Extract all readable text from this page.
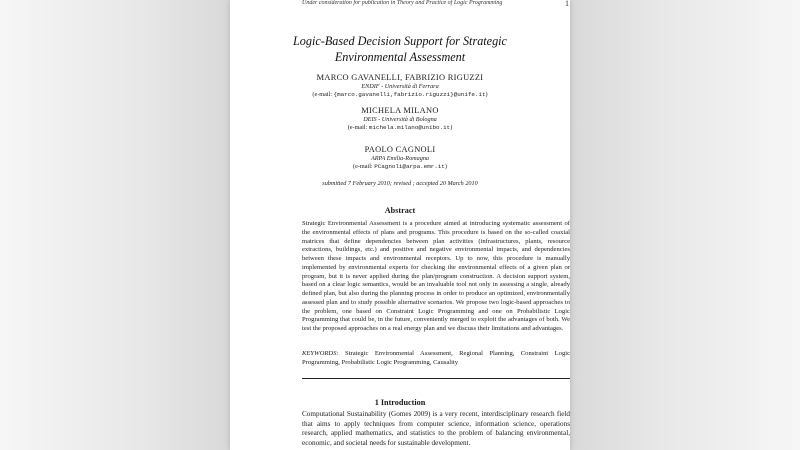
Under consideration for publication in Theory and Practice of Logic Programming	1
Logic-Based Decision Support for Strategic
Environmental Assessment
MARCO GAVANELLI, FABRIZIO RIGUZZI
ENDIF - Università di Ferrara
(e-mail: {marco.gavanelli,fabrizio.riguzzi}@unife.it)
MICHELA MILANO
DEIS - Università di Bologna
(e-mail: michela.milano@unibo.it)
PAOLO CAGNOLI
ARPA Emilia-Romagna
(e-mail: PCagnoli@arpa.emr.it)
submitted 7 February 2010; revised ; accepted 20 March 2010
Abstract
Strategic Environmental Assessment is a procedure aimed at introducing systematic assessment of the environmental effects of plans and programs. This procedure is based on the so-called coaxial matrices that define dependencies between plan activities (infrastructures, plants, resource extractions, buildings, etc.) and positive and negative environmental impacts, and dependencies between these impacts and environmental receptors. Up to now, this procedure is manually implemented by environmental experts for checking the environmental effects of a given plan or program, but it is never applied during the plan/program construction. A decision support system, based on a clear logic semantics, would be an invaluable tool not only in assessing a single, already defined plan, but also during the planning process in order to produce an optimized, environmentally assessed plan and to study possible alternative scenarios. We propose two logic-based approaches to the problem, one based on Constraint Logic Programming and one on Probabilistic Logic Programming that could be, in the future, conveniently merged to exploit the advantages of both. We test the proposed approaches on a real energy plan and we discuss their limitations and advantages.
KEYWORDS: Strategic Environmental Assessment, Regional Planning, Constraint Logic Programming, Probabilistic Logic Programming, Causality
1 Introduction
Computational Sustainability (Gomes 2009) is a very recent, interdisciplinary research field that aims to apply techniques from computer science, information science, operations research, applied mathematics, and statistics to the problem of balancing environmental, economic, and societal needs for sustainable development.
